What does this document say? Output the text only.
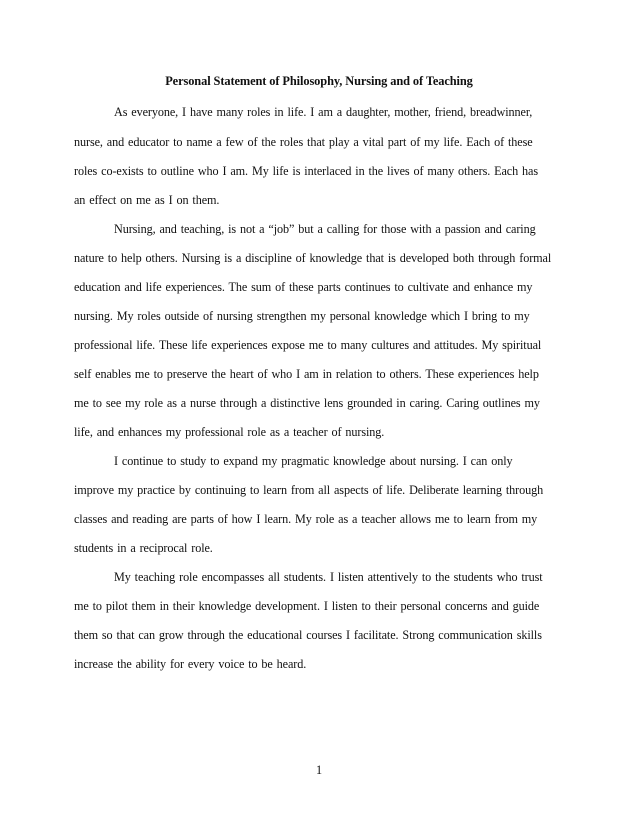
Personal Statement of Philosophy, Nursing and of Teaching
As everyone, I have many roles in life. I am a daughter, mother, friend, breadwinner,
nurse, and educator to name a few of the roles that play a vital part of my life. Each of these
roles co-exists to outline who I am. My life is interlaced in the lives of many others. Each has
an effect on me as I on them.
Nursing, and teaching, is not a “job” but a calling for those with a passion and caring
nature to help others. Nursing is a discipline of knowledge that is developed both through formal
education and life experiences. The sum of these parts continues to cultivate and enhance my
nursing. My roles outside of nursing strengthen my personal knowledge which I bring to my
professional life. These life experiences expose me to many cultures and attitudes. My spiritual
self enables me to preserve the heart of who I am in relation to others. These experiences help
me to see my role as a nurse through a distinctive lens grounded in caring. Caring outlines my
life, and enhances my professional role as a teacher of nursing.
I continue to study to expand my pragmatic knowledge about nursing. I can only
improve my practice by continuing to learn from all aspects of life. Deliberate learning through
classes and reading are parts of how I learn. My role as a teacher allows me to learn from my
students in a reciprocal role.
My teaching role encompasses all students. I listen attentively to the students who trust
me to pilot them in their knowledge development. I listen to their personal concerns and guide
them so that can grow through the educational courses I facilitate. Strong communication skills
increase the ability for every voice to be heard.
1
